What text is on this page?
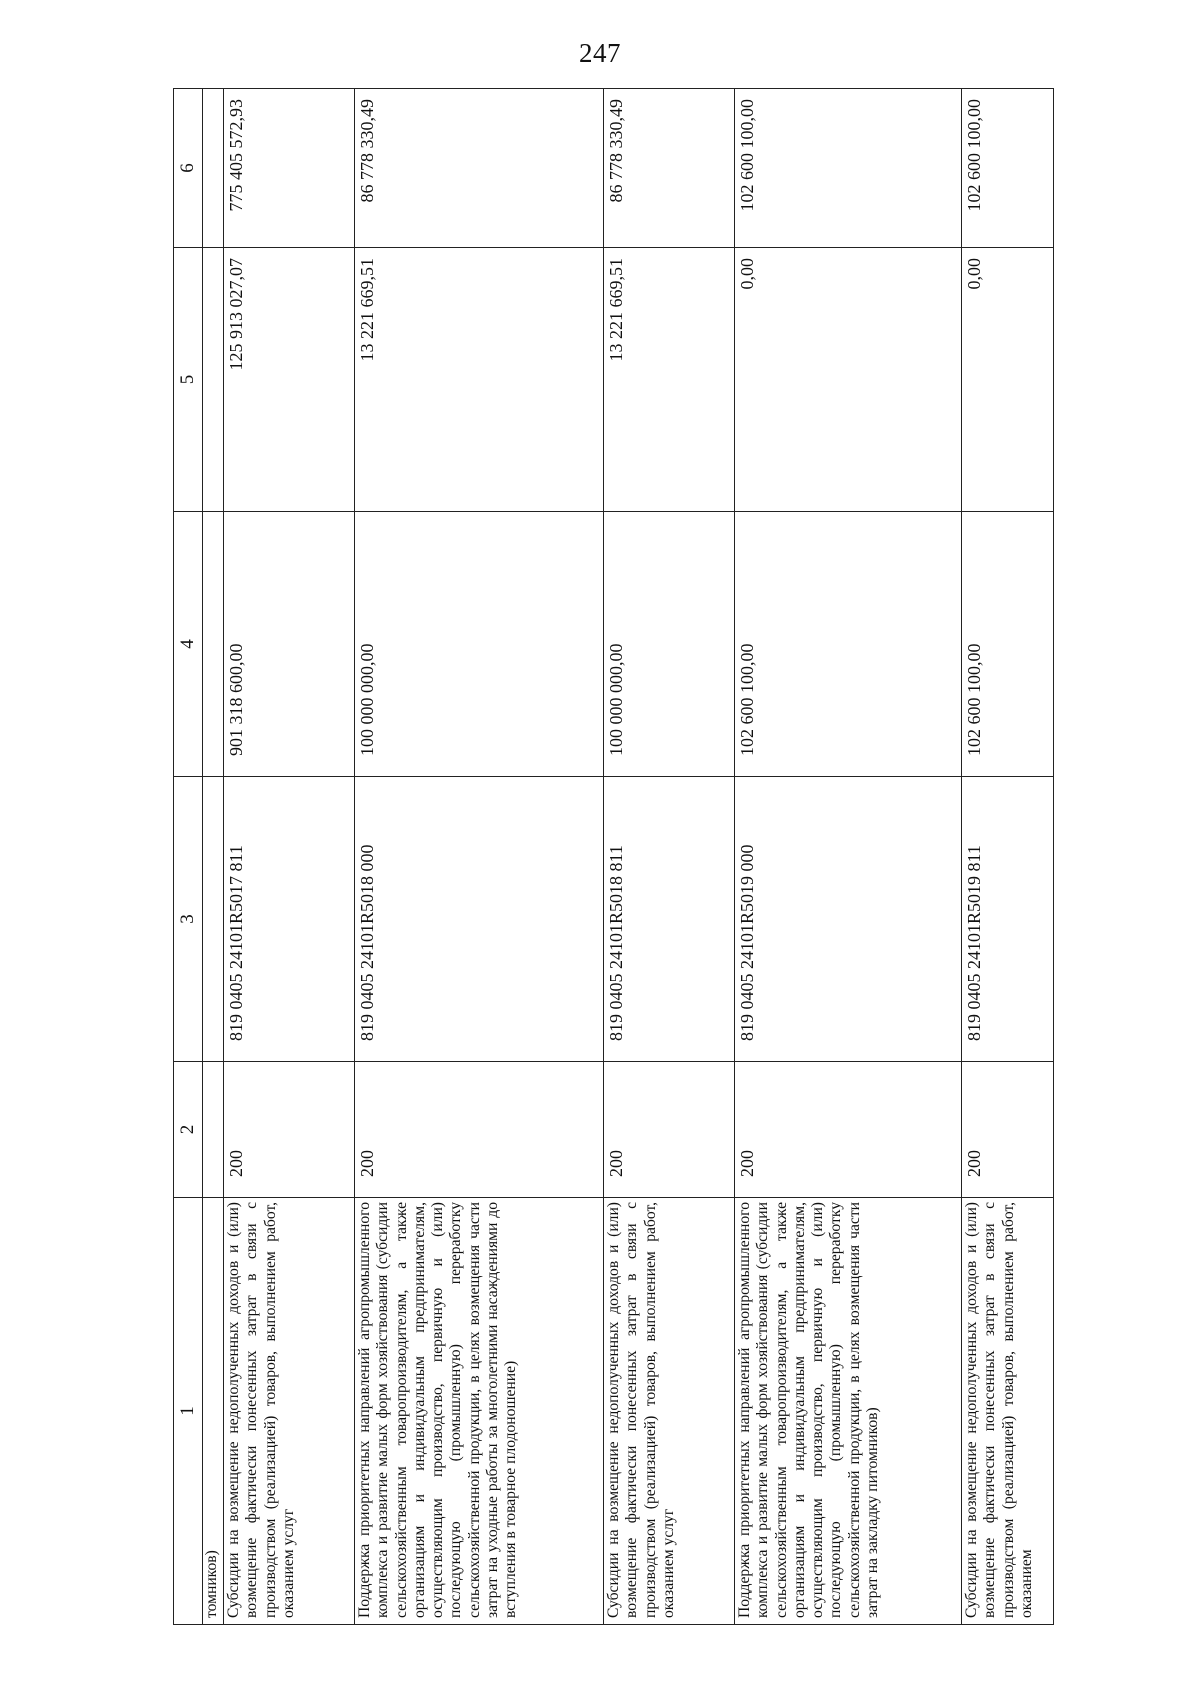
247
1	2	3	4	5	6
томников)					
Субсидии на возмещение недополученных доходов и (или) возмещение фактически понесенных затрат в связи с производством (реализацией) товаров, выполнением работ, оказанием услуг	200	819 0405 24101R5017 811	901 318 600,00	125 913 027,07	775 405 572,93
Поддержка приоритетных направлений агропромышленного комплекса и развитие малых форм хозяйствования (субсидии сельскохозяйственным товаропроизводителям, а также организациям и индивидуальным предпринимателям, осуществляющим производство, первичную и (или) последующую (промышленную) переработку сельскохозяйственной продукции, в целях возмещения части затрат на уходные работы за многолетними насаждениями до вступления в товарное плодоношение)	200	819 0405 24101R5018 000	100 000 000,00	13 221 669,51	86 778 330,49
Субсидии на возмещение недополученных доходов и (или) возмещение фактически понесенных затрат в связи с производством (реализацией) товаров, выполнением работ, оказанием услуг	200	819 0405 24101R5018 811	100 000 000,00	13 221 669,51	86 778 330,49
Поддержка приоритетных направлений агропромышленного комплекса и развитие малых форм хозяйствования (субсидии сельскохозяйственным товаропроизводителям, а также организациям и индивидуальным предпринимателям, осуществляющим производство, первичную и (или) последующую (промышленную) переработку сельскохозяйственной продукции, в целях возмещения части затрат на закладку питомников)	200	819 0405 24101R5019 000	102 600 100,00	0,00	102 600 100,00
Субсидии на возмещение недополученных доходов и (или) возмещение фактически понесенных затрат в связи с производством (реализацией) товаров, выполнением работ, оказанием	200	819 0405 24101R5019 811	102 600 100,00	0,00	102 600 100,00
